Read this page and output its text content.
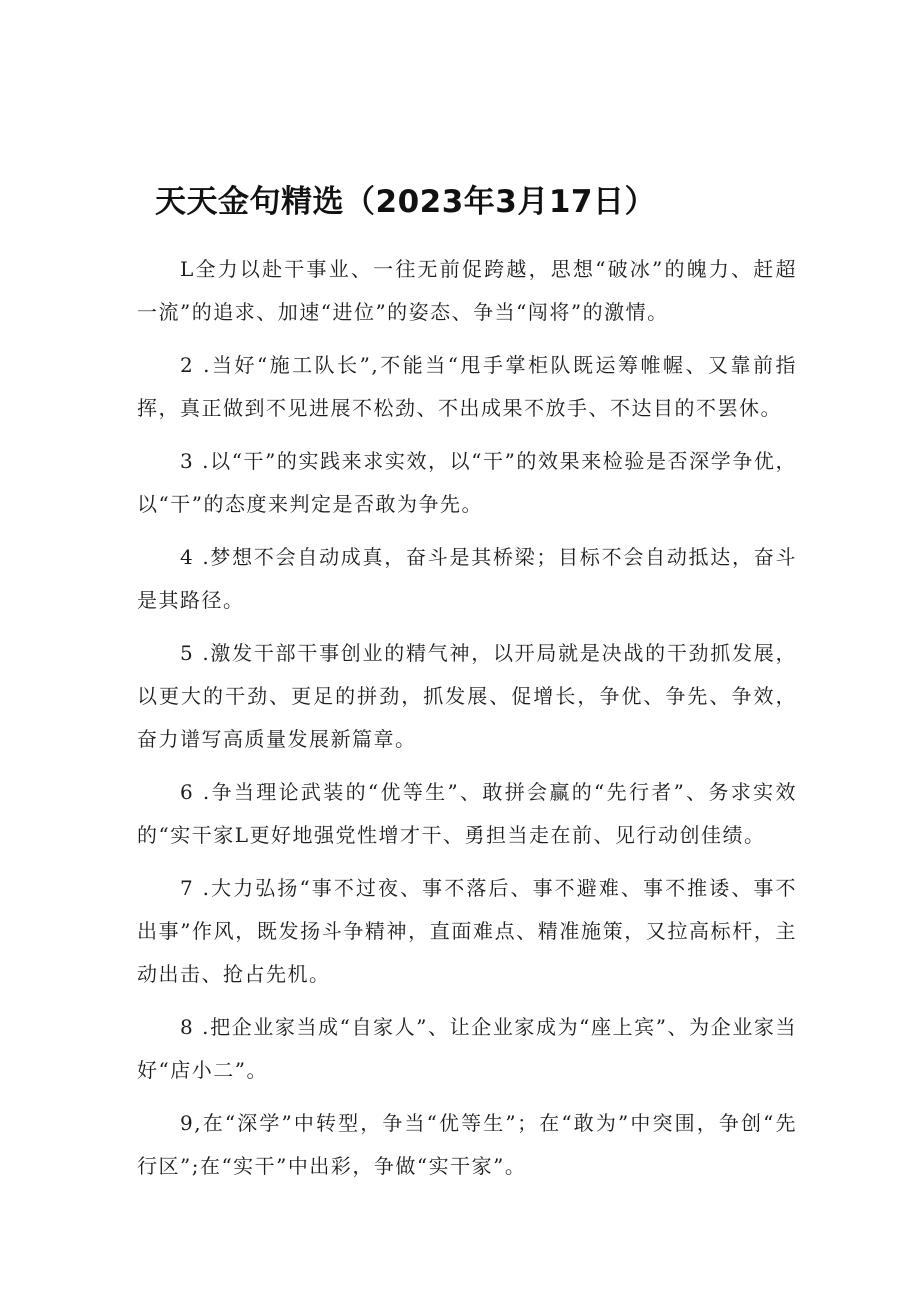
天天金句精选（2023年3月17日）

L全力以赴干事业、一往无前促跨越，思想“破冰”的魄力、赶超一流”的追求、加速“进位”的姿态、争当“闯将”的激情。

2 .当好“施工队长”,不能当“甩手掌柜队既运筹帷幄、又靠前指挥，真正做到不见进展不松劲、不出成果不放手、不达目的不罢休。

3 .以“干”的实践来求实效，以“干”的效果来检验是否深学争优，以“干”的态度来判定是否敢为争先。

4 .梦想不会自动成真，奋斗是其桥梁；目标不会自动抵达，奋斗是其路径。

5 .激发干部干事创业的精气神，以开局就是决战的干劲抓发展，以更大的干劲、更足的拼劲，抓发展、促增长，争优、争先、争效，奋力谱写高质量发展新篇章。

6 .争当理论武装的“优等生”、敢拼会赢的“先行者”、务求实效的“实干家L更好地强党性增才干、勇担当走在前、见行动创佳绩。

7 .大力弘扬“事不过夜、事不落后、事不避难、事不推诿、事不出事”作风，既发扬斗争精神，直面难点、精准施策，又拉高标杆，主动出击、抢占先机。

8 .把企业家当成“自家人”、让企业家成为“座上宾”、为企业家当好“店小二”。

9,在“深学”中转型，争当“优等生”；在“敢为”中突围，争创“先行区”;在“实干”中出彩，争做“实干家”。
